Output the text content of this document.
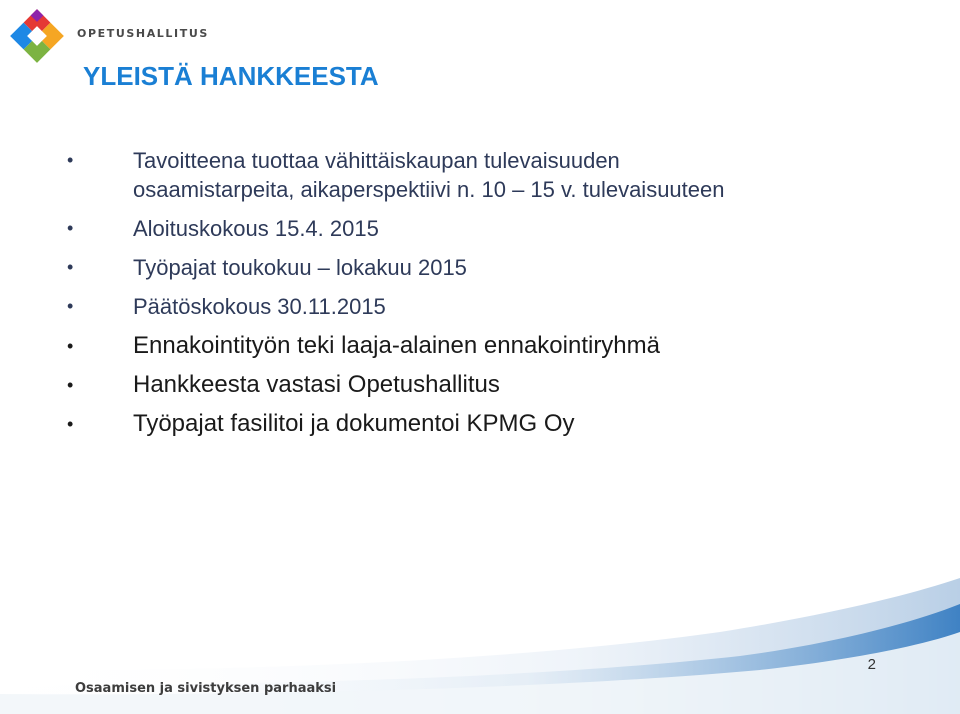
OPETUSHALLITUS
YLEISTÄ HANKKEESTA
•	Tavoitteena tuottaa vähittäiskaupan tulevaisuuden
osaamistarpeita, aikaperspektiivi n. 10 – 15 v. tulevaisuuteen
•	Aloituskokous 15.4. 2015
•	Työpajat toukokuu – lokakuu 2015
•	Päätöskokous 30.11.2015
• Ennakointityön teki laaja-alainen ennakointiryhmä
• Hankkeesta vastasi Opetushallitus
• Työpajat fasilitoi ja dokumentoi KPMG Oy
2
Osaamisen ja sivistyksen parhaaksi
